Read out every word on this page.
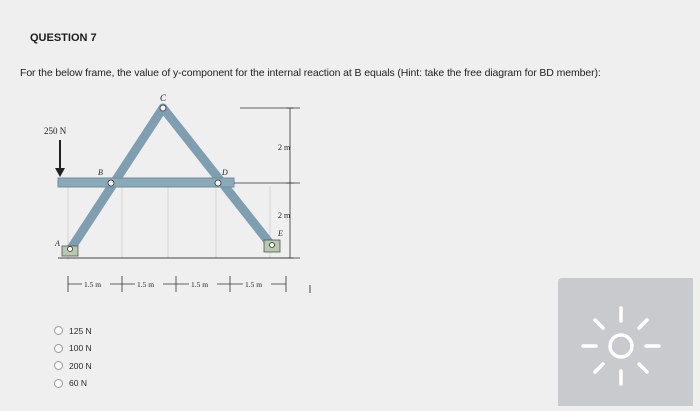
QUESTION 7
For the below frame, the value of y-component for the internal reaction at B equals (Hint: take the free diagram for BD member):
250 N
C
B	D
A
E
2 m
2 m
1.5 m	1.5 m	1.5 m	1.5 m
125 N
100 N
200 N
60 N
